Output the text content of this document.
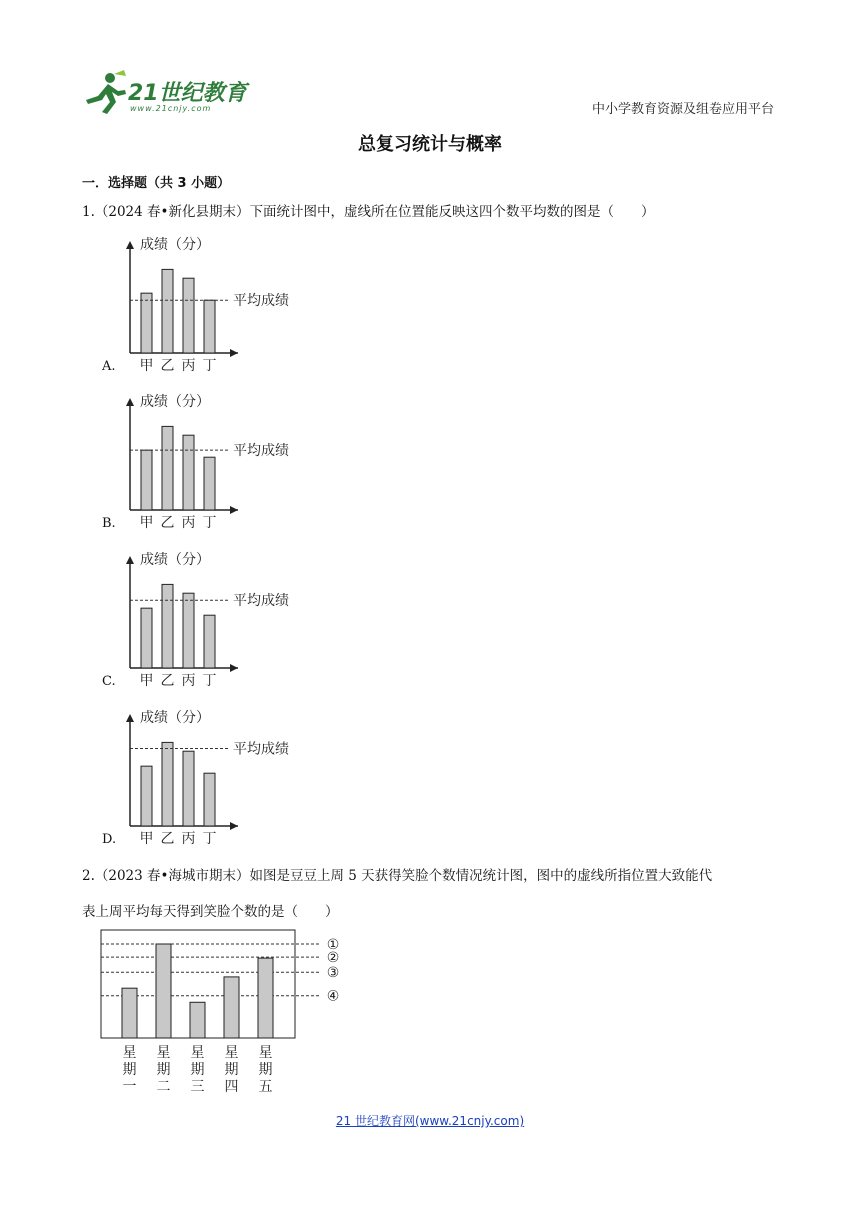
21世纪教育
www.21cnjy.com	中小学教育资源及组卷应用平台
总复习统计与概率
一．选择题（共 3 小题）
1.（2024 春•新化县期末）下面统计图中，虚线所在位置能反映这四个数平均数的图是（　　）
A.
成绩（分）
甲 乙 丙 丁
平均成绩
B.
成绩（分）
甲 乙 丙 丁
平均成绩
C.
成绩（分）
甲 乙 丙 丁
平均成绩
D.
成绩（分）
甲 乙 丙 丁
平均成绩
2.（2023 春•海城市期末）如图是豆豆上周 5 天获得笑脸个数情况统计图，图中的虚线所指位置大致能代
表上周平均每天得到笑脸个数的是（　　）
①
②
③
④
星
期
一
星
期
二
星
期
三
星
期
四
星
期
五
21 世纪教育网(www.21cnjy.com)
